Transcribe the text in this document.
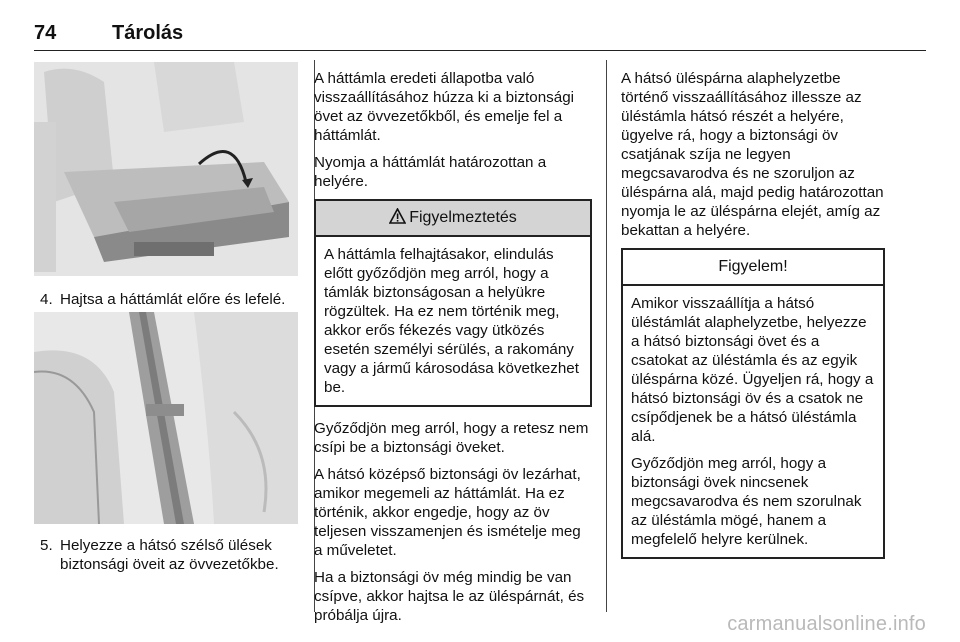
74	Tárolás
4. Hajtsa a háttámlát előre és lefelé.
5. Helyezze a hátsó szélső ülések
biztonsági öveit az övvezetőkbe.

A háttámla eredeti állapotba való visszaállításához húzza ki a biztonsági övet az övvezetőkből, és emelje fel a háttámlát.

Nyomja a háttámlát határozottan a helyére.

Figyelmeztetés

A háttámla felhajtásakor, elindulás előtt győződjön meg arról, hogy a támlák biztonságosan a helyükre rögzültek. Ha ez nem történik meg, akkor erős fékezés vagy ütközés esetén személyi sérülés, a rakomány vagy a jármű károsodása következhet be.

Győződjön meg arról, hogy a retesz nem csípi be a biztonsági öveket.

A hátsó középső biztonsági öv lezárhat, amikor megemeli az háttámlát. Ha ez történik, akkor engedje, hogy az öv teljesen visszamenjen és ismételje meg a műveletet.

Ha a biztonsági öv még mindig be van csípve, akkor hajtsa le az üléspárnát, és próbálja újra.

A hátsó üléspárna alaphelyzetbe történő visszaállításához illessze az üléstámla hátsó részét a helyére, ügyelve rá, hogy a biztonsági öv csatjának szíja ne legyen megcsavarodva és ne szoruljon az üléspárna alá, majd pedig határozottan nyomja le az üléspárna elejét, amíg az bekattan a helyére.

Figyelem!

Amikor visszaállítja a hátsó üléstámlát alaphelyzetbe, helyezze a hátsó biztonsági övet és a csatokat az üléstámla és az egyik üléspárna közé. Ügyeljen rá, hogy a hátsó biztonsági öv és a csatok ne csípődjenek be a hátsó üléstámla alá.

Győződjön meg arról, hogy a biztonsági övek nincsenek megcsavarodva és nem szorulnak az üléstámla mögé, hanem a megfelelő helyre kerülnek.

carmanualsonline.info
